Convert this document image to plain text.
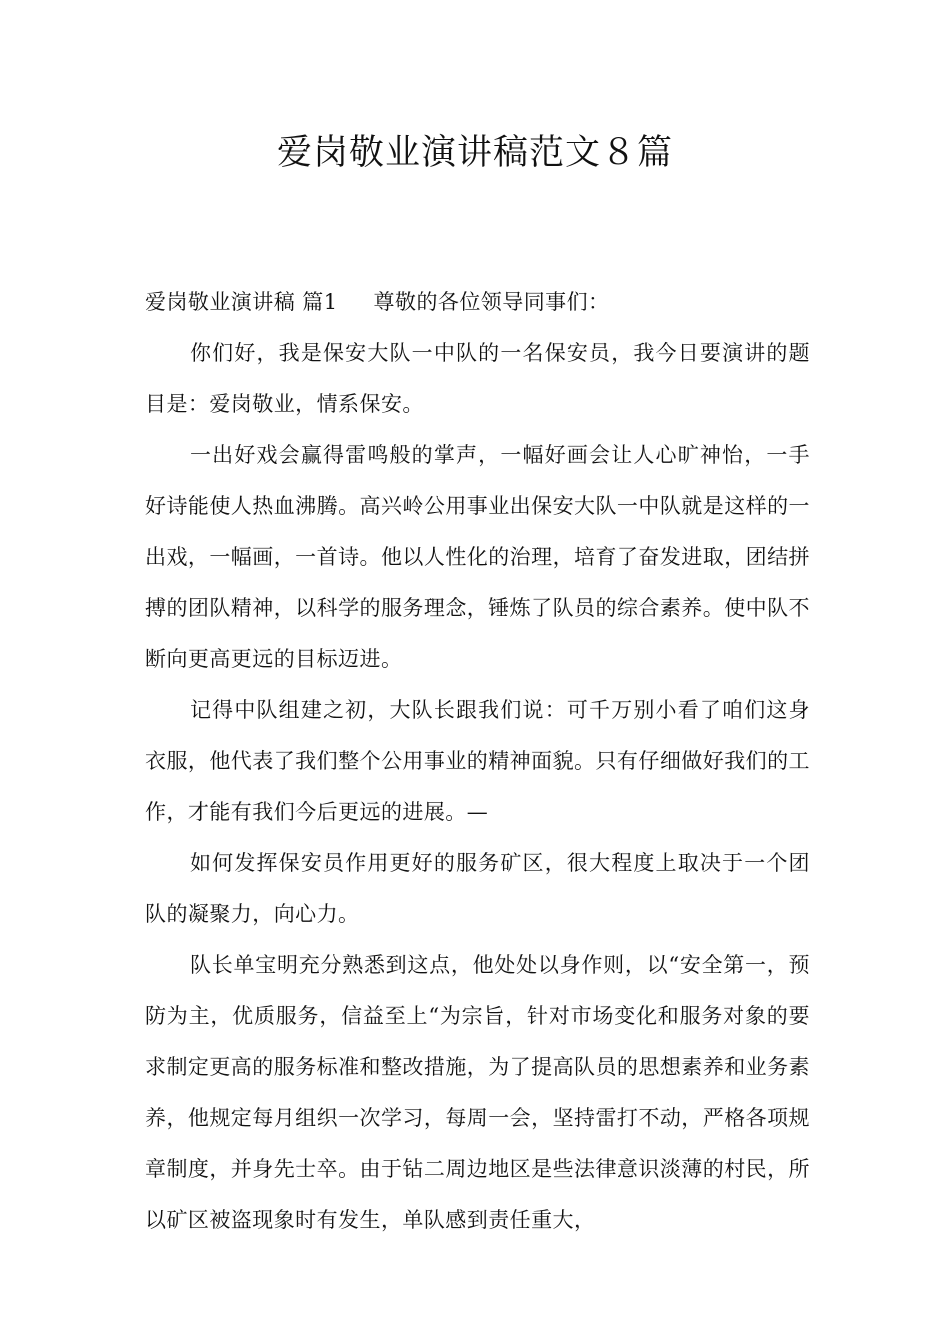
爱岗敬业演讲稿范文８篇

爱岗敬业演讲稿 篇1 尊敬的各位领导同事们：

你们好，我是保安大队一中队的一名保安员，我今日要演讲的题目是：爱岗敬业，情系保安。

一出好戏会赢得雷鸣般的掌声，一幅好画会让人心旷神怡，一手好诗能使人热血沸腾。高兴岭公用事业出保安大队一中队就是这样的一出戏，一幅画，一首诗。他以人性化的治理，培育了奋发进取，团结拼搏的团队精神，以科学的服务理念，锤炼了队员的综合素养。使中队不断向更高更远的目标迈进。

记得中队组建之初，大队长跟我们说：可千万别小看了咱们这身衣服，他代表了我们整个公用事业的精神面貌。只有仔细做好我们的工作，才能有我们今后更远的进展。—

如何发挥保安员作用更好的服务矿区，很大程度上取决于一个团队的凝聚力，向心力。

队长单宝明充分熟悉到这点，他处处以身作则，以“安全第一，预防为主，优质服务，信益至上“为宗旨，针对市场变化和服务对象的要求制定更高的服务标准和整改措施，为了提高队员的思想素养和业务素养，他规定每月组织一次学习，每周一会，坚持雷打不动，严格各项规章制度，并身先士卒。由于钻二周边地区是些法律意识淡薄的村民，所以矿区被盗现象时有发生，单队感到责任重大，
